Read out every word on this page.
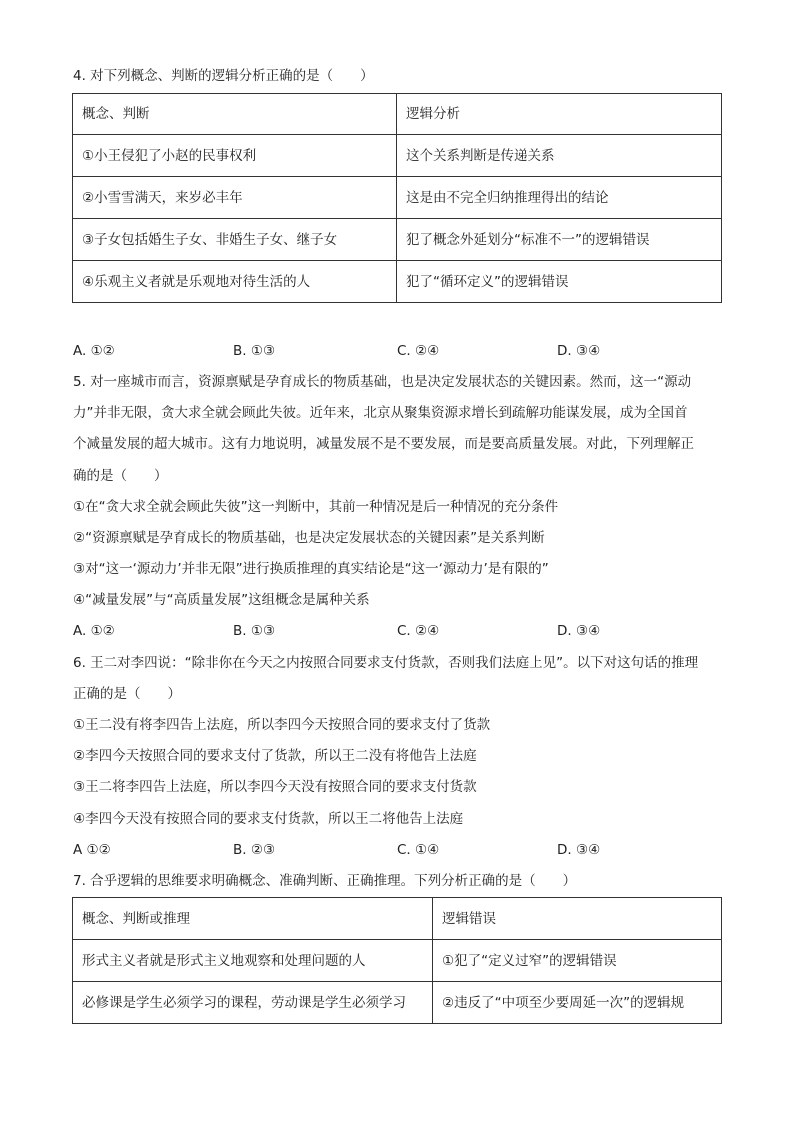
4. 对下列概念、判断的逻辑分析正确的是（　　）
概念、判断	逻辑分析
①小王侵犯了小赵的民事权利	这个关系判断是传递关系
②小雪雪满天，来岁必丰年	这是由不完全归纳推理得出的结论
③子女包括婚生子女、非婚生子女、继子女	犯了概念外延划分“标准不一”的逻辑错误
④乐观主义者就是乐观地对待生活的人	犯了“循环定义”的逻辑错误
A. ①②	B. ①③	C. ②④	D. ③④
5. 对一座城市而言，资源禀赋是孕育成长的物质基础，也是决定发展状态的关键因素。然而，这一“源动
力”并非无限，贪大求全就会顾此失彼。近年来，北京从聚集资源求增长到疏解功能谋发展，成为全国首
个减量发展的超大城市。这有力地说明，减量发展不是不要发展，而是要高质量发展。对此，下列理解正
确的是（　　）
①在“贪大求全就会顾此失彼”这一判断中，其前一种情况是后一种情况的充分条件
②“资源禀赋是孕育成长的物质基础，也是决定发展状态的关键因素”是关系判断
③对“这一‘源动力’并非无限”进行换质推理的真实结论是“这一‘源动力’是有限的”
④“减量发展”与“高质量发展”这组概念是属种关系
A. ①②	B. ①③	C. ②④	D. ③④
6. 王二对李四说：“除非你在今天之内按照合同要求支付货款，否则我们法庭上见”。以下对这句话的推理
正确的是（　　）
①王二没有将李四告上法庭，所以李四今天按照合同的要求支付了货款
②李四今天按照合同的要求支付了货款，所以王二没有将他告上法庭
③王二将李四告上法庭，所以李四今天没有按照合同的要求支付货款
④李四今天没有按照合同的要求支付货款，所以王二将他告上法庭
A ①②	B. ②③	C. ①④	D. ③④
7. 合乎逻辑的思维要求明确概念、准确判断、正确推理。下列分析正确的是（　　）
概念、判断或推理	逻辑错误
形式主义者就是形式主义地观察和处理问题的人	①犯了“定义过窄”的逻辑错误
必修课是学生必须学习的课程，劳动课是学生必须学习	②违反了“中项至少要周延一次”的逻辑规
